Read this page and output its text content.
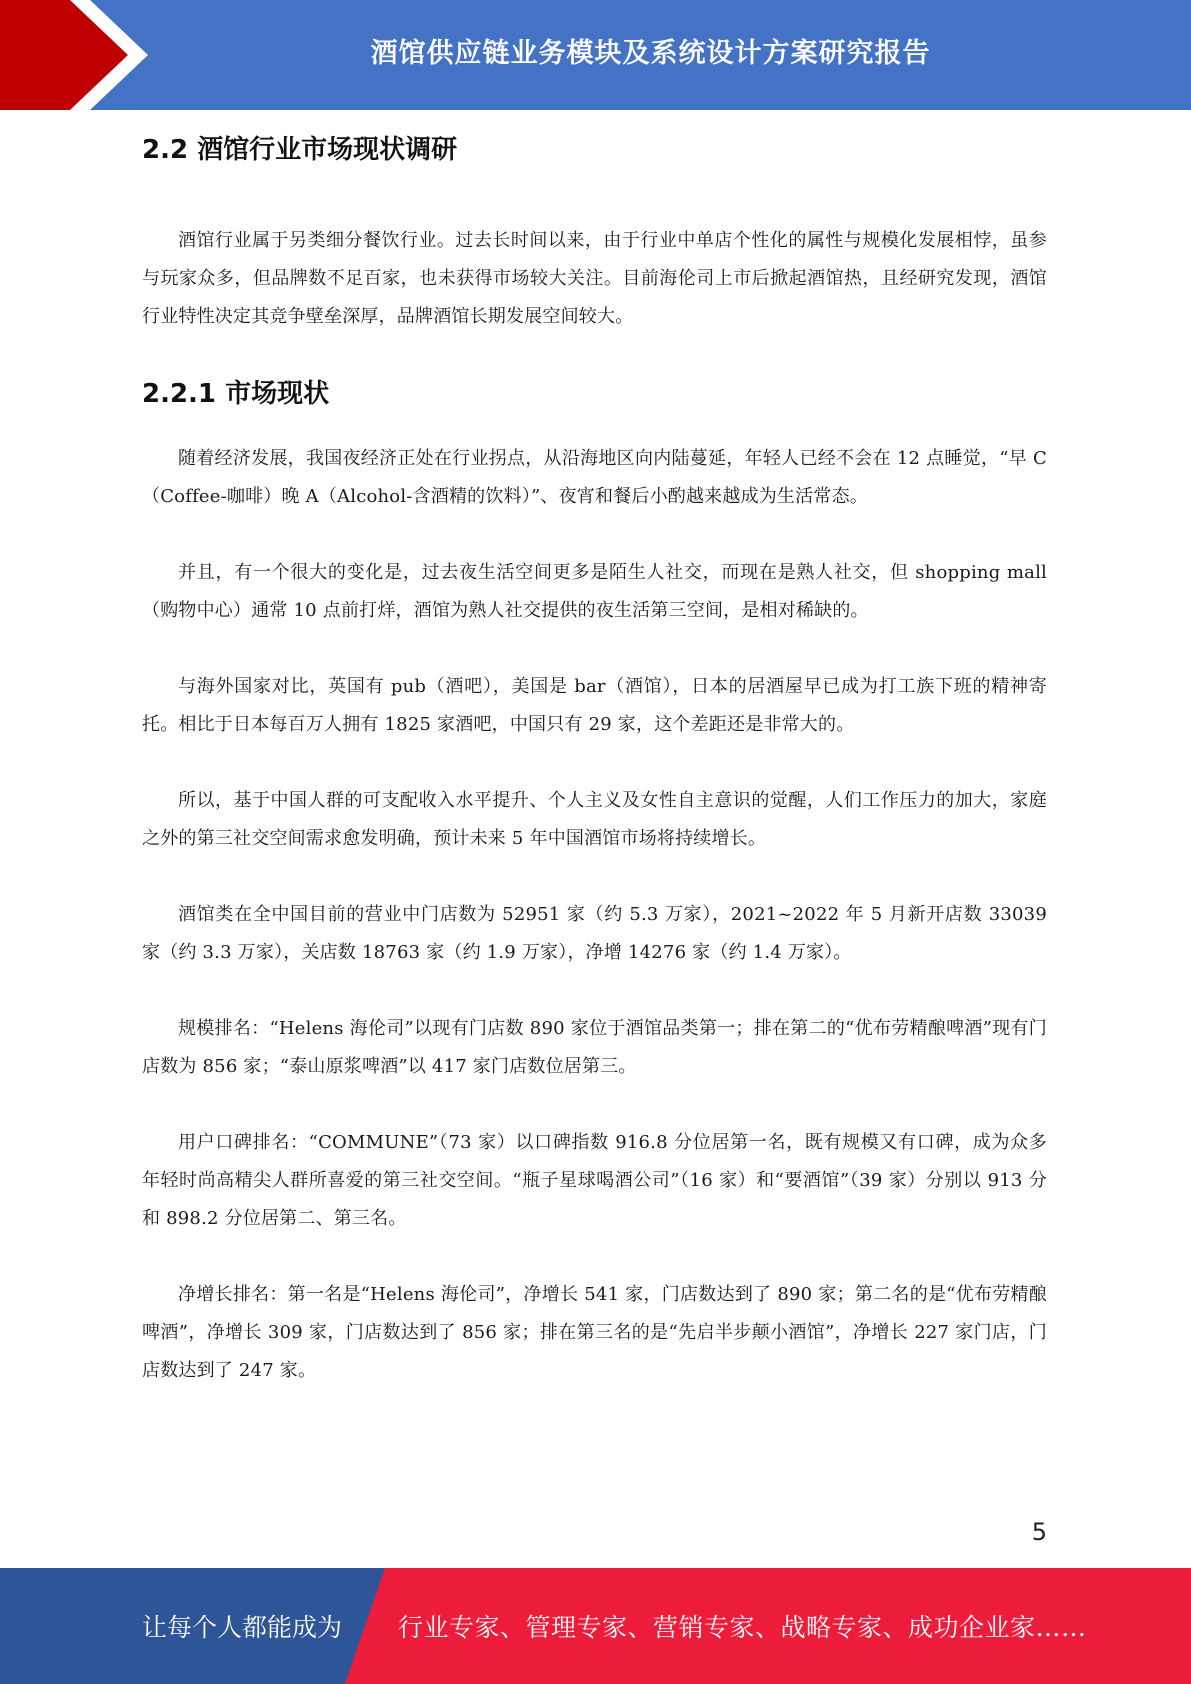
酒馆供应链业务模块及系统设计方案研究报告
2.2 酒馆行业市场现状调研

酒馆行业属于另类细分餐饮行业。过去长时间以来，由于行业中单店个性化的属性与规模化发展相悖，虽参与玩家众多，但品牌数不足百家，也未获得市场较大关注。目前海伦司上市后掀起酒馆热，且经研究发现，酒馆行业特性决定其竞争壁垒深厚，品牌酒馆长期发展空间较大。

2.2.1 市场现状

随着经济发展，我国夜经济正处在行业拐点，从沿海地区向内陆蔓延，年轻人已经不会在 12 点睡觉，“早 C（Coffee-咖啡）晚 A（Alcohol-含酒精的饮料）”、夜宵和餐后小酌越来越成为生活常态。

并且，有一个很大的变化是，过去夜生活空间更多是陌生人社交，而现在是熟人社交，但 shopping mall（购物中心）通常 10 点前打烊，酒馆为熟人社交提供的夜生活第三空间，是相对稀缺的。

与海外国家对比，英国有 pub（酒吧），美国是 bar（酒馆），日本的居酒屋早已成为打工族下班的精神寄托。相比于日本每百万人拥有 1825 家酒吧，中国只有 29 家，这个差距还是非常大的。

所以，基于中国人群的可支配收入水平提升、个人主义及女性自主意识的觉醒，人们工作压力的加大，家庭之外的第三社交空间需求愈发明确，预计未来 5 年中国酒馆市场将持续增长。

酒馆类在全中国目前的营业中门店数为 52951 家（约 5.3 万家），2021~2022 年 5 月新开店数 33039 家（约 3.3 万家），关店数 18763 家（约 1.9 万家），净增 14276 家（约 1.4 万家）。

规模排名：“Helens 海伦司”以现有门店数 890 家位于酒馆品类第一；排在第二的“优布劳精酿啤酒”现有门店数为 856 家；“泰山原浆啤酒”以 417 家门店数位居第三。

用户口碑排名：“COMMUNE”（73 家）以口碑指数 916.8 分位居第一名，既有规模又有口碑，成为众多年轻时尚高精尖人群所喜爱的第三社交空间。“瓶子星球喝酒公司”（16 家）和“要酒馆”（39 家）分别以 913 分和 898.2 分位居第二、第三名。

净增长排名：第一名是“Helens 海伦司”，净增长 541 家，门店数达到了 890 家；第二名的是“优布劳精酿啤酒”，净增长 309 家，门店数达到了 856 家；排在第三名的是“先启半步颠小酒馆”，净增长 227 家门店，门店数达到了 247 家。

5
让每个人都能成为 行业专家、管理专家、营销专家、战略专家、成功企业家……
